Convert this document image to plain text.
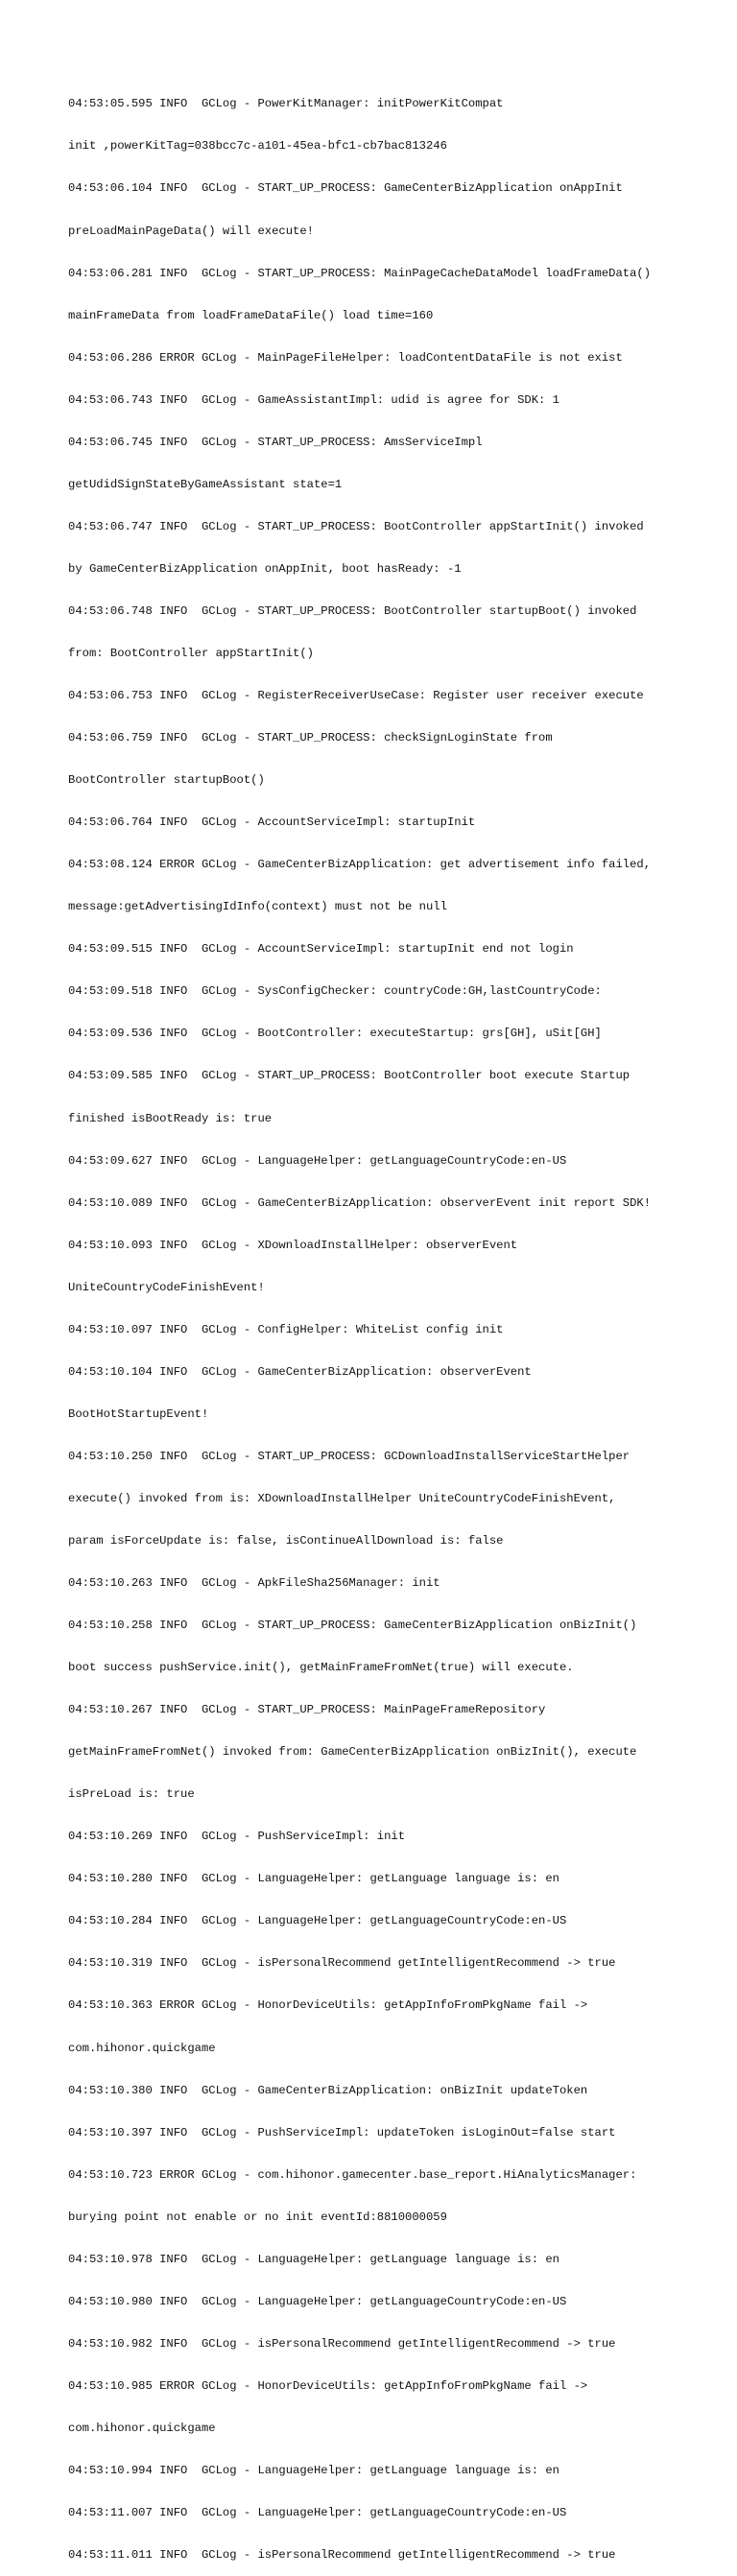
04:53:05.595 INFO  GCLog - PowerKitManager: initPowerKitCompat

init ,powerKitTag=038bcc7c-a101-45ea-bfc1-cb7bac813246

04:53:06.104 INFO  GCLog - START_UP_PROCESS: GameCenterBizApplication onAppInit

preLoadMainPageData() will execute!

04:53:06.281 INFO  GCLog - START_UP_PROCESS: MainPageCacheDataModel loadFrameData()

mainFrameData from loadFrameDataFile() load time=160

04:53:06.286 ERROR GCLog - MainPageFileHelper: loadContentDataFile is not exist

04:53:06.743 INFO  GCLog - GameAssistantImpl: udid is agree for SDK: 1

04:53:06.745 INFO  GCLog - START_UP_PROCESS: AmsServiceImpl

getUdidSignStateByGameAssistant state=1

04:53:06.747 INFO  GCLog - START_UP_PROCESS: BootController appStartInit() invoked

by GameCenterBizApplication onAppInit, boot hasReady: -1

04:53:06.748 INFO  GCLog - START_UP_PROCESS: BootController startupBoot() invoked

from: BootController appStartInit()

04:53:06.753 INFO  GCLog - RegisterReceiverUseCase: Register user receiver execute

04:53:06.759 INFO  GCLog - START_UP_PROCESS: checkSignLoginState from

BootController startupBoot()

04:53:06.764 INFO  GCLog - AccountServiceImpl: startupInit

04:53:08.124 ERROR GCLog - GameCenterBizApplication: get advertisement info failed,

message:getAdvertisingIdInfo(context) must not be null

04:53:09.515 INFO  GCLog - AccountServiceImpl: startupInit end not login

04:53:09.518 INFO  GCLog - SysConfigChecker: countryCode:GH,lastCountryCode:

04:53:09.536 INFO  GCLog - BootController: executeStartup: grs[GH], uSit[GH]

04:53:09.585 INFO  GCLog - START_UP_PROCESS: BootController boot execute Startup

finished isBootReady is: true

04:53:09.627 INFO  GCLog - LanguageHelper: getLanguageCountryCode:en-US

04:53:10.089 INFO  GCLog - GameCenterBizApplication: observerEvent init report SDK!

04:53:10.093 INFO  GCLog - XDownloadInstallHelper: observerEvent

UniteCountryCodeFinishEvent!

04:53:10.097 INFO  GCLog - ConfigHelper: WhiteList config init

04:53:10.104 INFO  GCLog - GameCenterBizApplication: observerEvent

BootHotStartupEvent!

04:53:10.250 INFO  GCLog - START_UP_PROCESS: GCDownloadInstallServiceStartHelper

execute() invoked from is: XDownloadInstallHelper UniteCountryCodeFinishEvent,

param isForceUpdate is: false, isContinueAllDownload is: false

04:53:10.263 INFO  GCLog - ApkFileSha256Manager: init

04:53:10.258 INFO  GCLog - START_UP_PROCESS: GameCenterBizApplication onBizInit()

boot success pushService.init(), getMainFrameFromNet(true) will execute.

04:53:10.267 INFO  GCLog - START_UP_PROCESS: MainPageFrameRepository

getMainFrameFromNet() invoked from: GameCenterBizApplication onBizInit(), execute

isPreLoad is: true

04:53:10.269 INFO  GCLog - PushServiceImpl: init

04:53:10.280 INFO  GCLog - LanguageHelper: getLanguage language is: en

04:53:10.284 INFO  GCLog - LanguageHelper: getLanguageCountryCode:en-US

04:53:10.319 INFO  GCLog - isPersonalRecommend getIntelligentRecommend -> true

04:53:10.363 ERROR GCLog - HonorDeviceUtils: getAppInfoFromPkgName fail ->

com.hihonor.quickgame

04:53:10.380 INFO  GCLog - GameCenterBizApplication: onBizInit updateToken

04:53:10.397 INFO  GCLog - PushServiceImpl: updateToken isLoginOut=false start

04:53:10.723 ERROR GCLog - com.hihonor.gamecenter.base_report.HiAnalyticsManager:

burying point not enable or no init eventId:8810000059

04:53:10.978 INFO  GCLog - LanguageHelper: getLanguage language is: en

04:53:10.980 INFO  GCLog - LanguageHelper: getLanguageCountryCode:en-US

04:53:10.982 INFO  GCLog - isPersonalRecommend getIntelligentRecommend -> true

04:53:10.985 ERROR GCLog - HonorDeviceUtils: getAppInfoFromPkgName fail ->

com.hihonor.quickgame

04:53:10.994 INFO  GCLog - LanguageHelper: getLanguage language is: en

04:53:11.007 INFO  GCLog - LanguageHelper: getLanguageCountryCode:en-US

04:53:11.011 INFO  GCLog - isPersonalRecommend getIntelligentRecommend -> true
